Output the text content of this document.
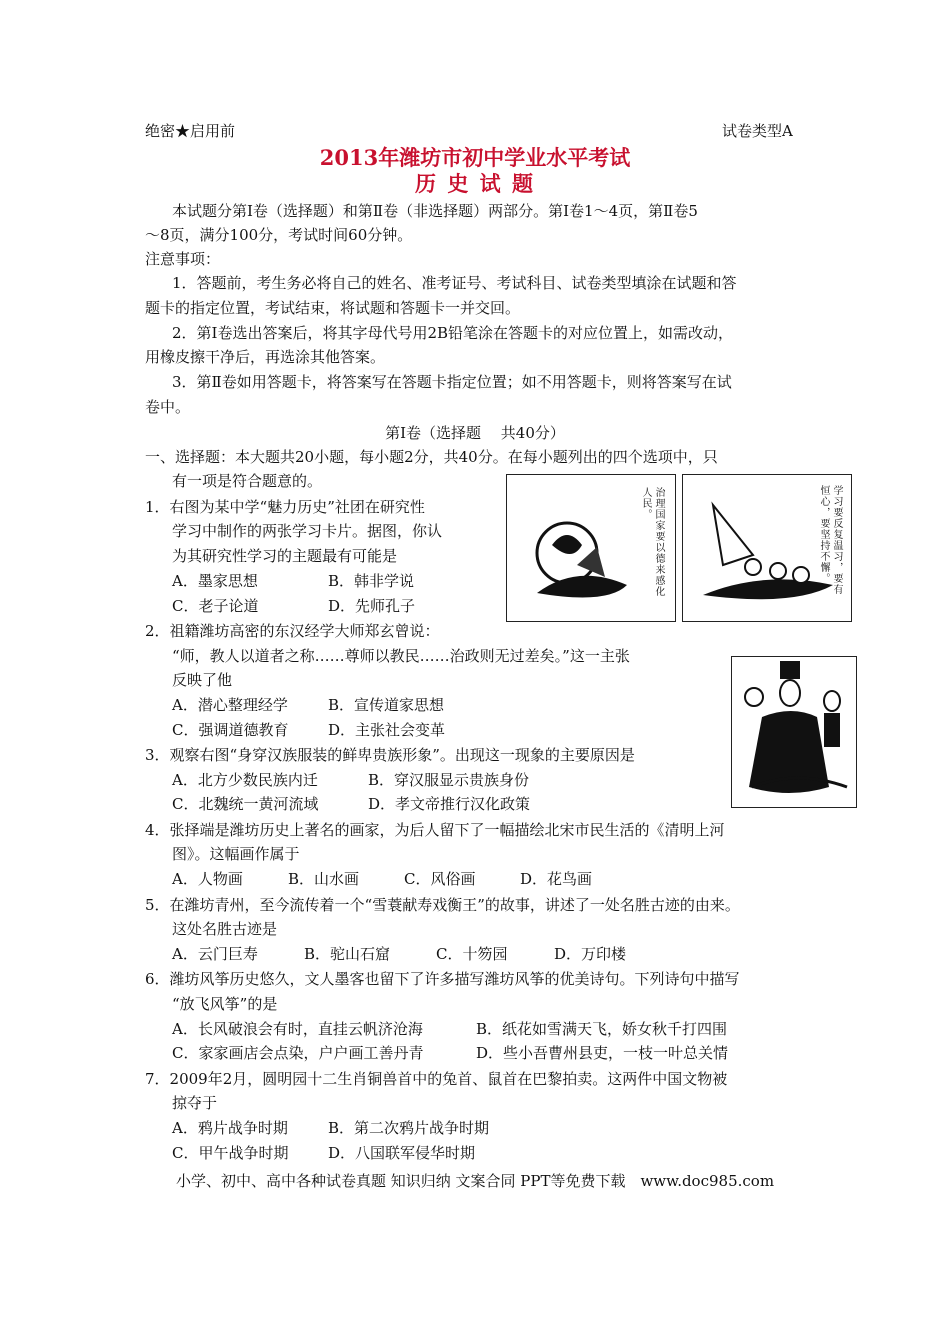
绝密★启用前	试卷类型A
2013年潍坊市初中学业水平考试
历 史 试 题
本试题分第Ⅰ卷（选择题）和第Ⅱ卷（非选择题）两部分。第Ⅰ卷1～4页，第Ⅱ卷5
～8页，满分100分，考试时间60分钟。
注意事项：
1．答题前，考生务必将自己的姓名、准考证号、考试科目、试卷类型填涂在试题和答
题卡的指定位置，考试结束，将试题和答题卡一并交回。
2．第Ⅰ卷选出答案后，将其字母代号用2B铅笔涂在答题卡的对应位置上，如需改动，
用橡皮擦干净后，再选涂其他答案。
3．第Ⅱ卷如用答题卡，将答案写在答题卡指定位置；如不用答题卡，则将答案写在试
卷中。
第Ⅰ卷（选择题　 共40分）
一、选择题：本大题共20小题，每小题2分，共40分。在每小题列出的四个选项中，只
有一项是符合题意的。
1．右图为某中学“魅力历史”社团在研究性
学习中制作的两张学习卡片。据图，你认
为其研究性学习的主题最有可能是
A．墨家思想	B．韩非学说
C．老子论道	D．先师孔子
治理国家要以德来感化人民。	学习要反复温习，要有恒心，要坚持不懈。
2．祖籍潍坊高密的东汉经学大师郑玄曾说：
“师，教人以道者之称……尊师以教民……治政则无过差矣。”这一主张
反映了他
A．潜心整理经学	B．宣传道家思想
C．强调道德教育	D．主张社会变革
3．观察右图“身穿汉族服装的鲜卑贵族形象”。出现这一现象的主要原因是
A．北方少数民族内迁	B．穿汉服显示贵族身份
C．北魏统一黄河流域	D．孝文帝推行汉化政策
4．张择端是潍坊历史上著名的画家，为后人留下了一幅描绘北宋市民生活的《清明上河
图》。这幅画作属于
A．人物画	B．山水画	C．风俗画	D．花鸟画
5．在潍坊青州，至今流传着一个“雪蓑献寿戏衡王”的故事，讲述了一处名胜古迹的由来。
这处名胜古迹是
A．云门巨寿	B．驼山石窟	C．十笏园	D．万印楼
6．潍坊风筝历史悠久，文人墨客也留下了许多描写潍坊风筝的优美诗句。下列诗句中描写
“放飞风筝”的是
A．长风破浪会有时，直挂云帆济沧海	B．纸花如雪满天飞，娇女秋千打四围
C．家家画店会点染，户户画工善丹青	D．些小吾曹州县吏，一枝一叶总关情
7．2009年2月，圆明园十二生肖铜兽首中的兔首、鼠首在巴黎拍卖。这两件中国文物被
掠夺于
A．鸦片战争时期	B．第二次鸦片战争时期
C．甲午战争时期	D．八国联军侵华时期
小学、初中、高中各种试卷真题 知识归纳 文案合同 PPT等免费下载　www.doc985.com
